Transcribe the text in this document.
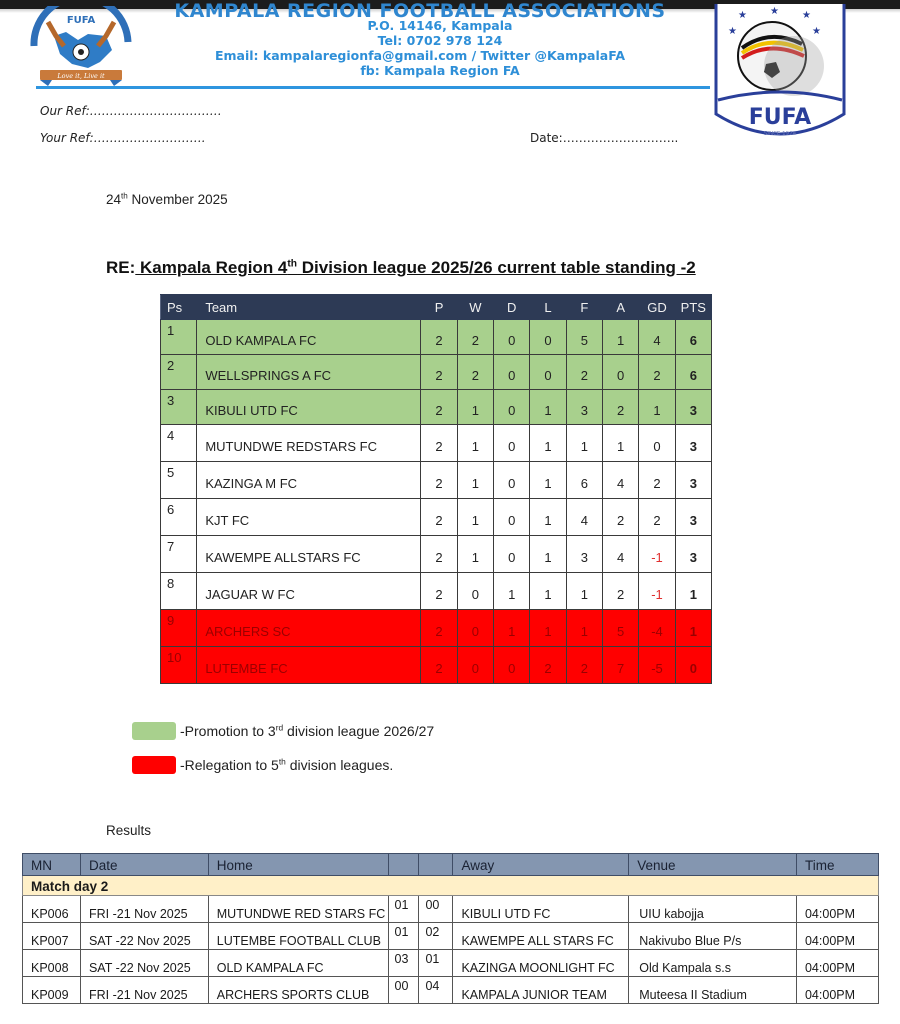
FUFA
Love it, Live it
KAMPALA REGION FOOTBALL ASSOCIATIONS
P.O. 14146, Kampala
Tel: 0702 978 124
Email: kampalaregionfa@gmail.com / Twitter @KampalaFA
fb: Kampala Region FA
★ ★ ★
★	★
FUFA
SINCE 1924
Our Ref:……………………………
Your Ref:……………………….	Date:………………………..
24th November 2025
RE: Kampala Region 4th Division league 2025/26 current table standing -2
Ps	Team	P	W	D	L	F	A	GD	PTS
1	OLD KAMPALA FC	2	2	0	0	5	1	4	6
2	WELLSPRINGS A FC	2	2	0	0	2	0	2	6
3	KIBULI UTD FC	2	1	0	1	3	2	1	3
4	MUTUNDWE REDSTARS FC	2	1	0	1	1	1	0	3
5	KAZINGA M FC	2	1	0	1	6	4	2	3
6	KJT FC	2	1	0	1	4	2	2	3
7	KAWEMPE ALLSTARS FC	2	1	0	1	3	4	-1	3
8	JAGUAR W FC	2	0	1	1	1	2	-1	1
9	ARCHERS SC	2	0	1	1	1	5	-4	1
10	LUTEMBE FC	2	0	0	2	2	7	-5	0
-Promotion to 3rd division league 2026/27
-Relegation to 5th division leagues.
Results
MN	Date	Home			Away	Venue	Time
Match day 2							
KP006	FRI -21 Nov 2025	MUTUNDWE RED STARS FC	01	00	KIBULI UTD FC	UIU kabojja	04:00PM
KP007	SAT -22 Nov 2025	LUTEMBE FOOTBALL CLUB	01	02	KAWEMPE ALL STARS FC	Nakivubo Blue P/s	04:00PM
KP008	SAT -22 Nov 2025	OLD KAMPALA FC	03	01	KAZINGA MOONLIGHT FC	Old Kampala s.s	04:00PM
KP009	FRI -21 Nov 2025	ARCHERS SPORTS CLUB	00	04	KAMPALA JUNIOR TEAM	Muteesa II Stadium	04:00PM
